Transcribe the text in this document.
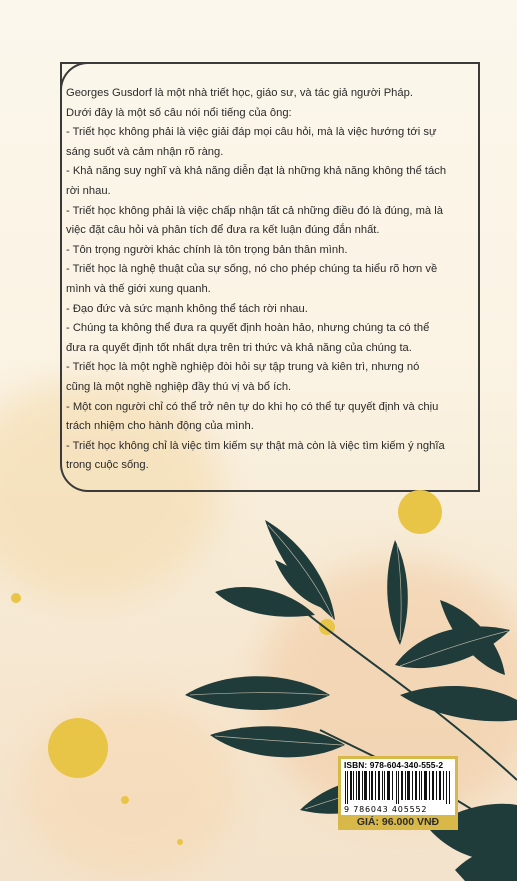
Georges Gusdorf là một nhà triết học, giáo sư, và tác giả người Pháp.

Dưới đây là một số câu nói nổi tiếng của ông:

- Triết học không phải là việc giải đáp mọi câu hỏi, mà là việc hướng tới sự

sáng suốt và cảm nhận rõ ràng.

- Khả năng suy nghĩ và khả năng diễn đạt là những khả năng không thể tách

rời nhau.

- Triết học không phải là việc chấp nhận tất cả những điều đó là đúng, mà là

việc đặt câu hỏi và phân tích để đưa ra kết luận đúng đắn nhất.

- Tôn trọng người khác chính là tôn trọng bản thân mình.

- Triết học là nghệ thuật của sự sống, nó cho phép chúng ta hiểu rõ hơn về

mình và thế giới xung quanh.

- Đạo đức và sức mạnh không thể tách rời nhau.

- Chúng ta không thể đưa ra quyết định hoàn hảo, nhưng chúng ta có thể

đưa ra quyết định tốt nhất dựa trên tri thức và khả năng của chúng ta.

- Triết học là một nghề nghiệp đòi hỏi sự tập trung và kiên trì, nhưng nó

cũng là một nghề nghiệp đầy thú vị và bổ ích.

- Một con người chỉ có thể trở nên tự do khi họ có thể tự quyết định và chịu

trách nhiệm cho hành động của mình.

- Triết học không chỉ là việc tìm kiếm sự thật mà còn là việc tìm kiếm ý nghĩa

trong cuộc sống.

ISBN: 978-604-340-555-2
9 786043 405552
GIÁ: 96.000 VNĐ
